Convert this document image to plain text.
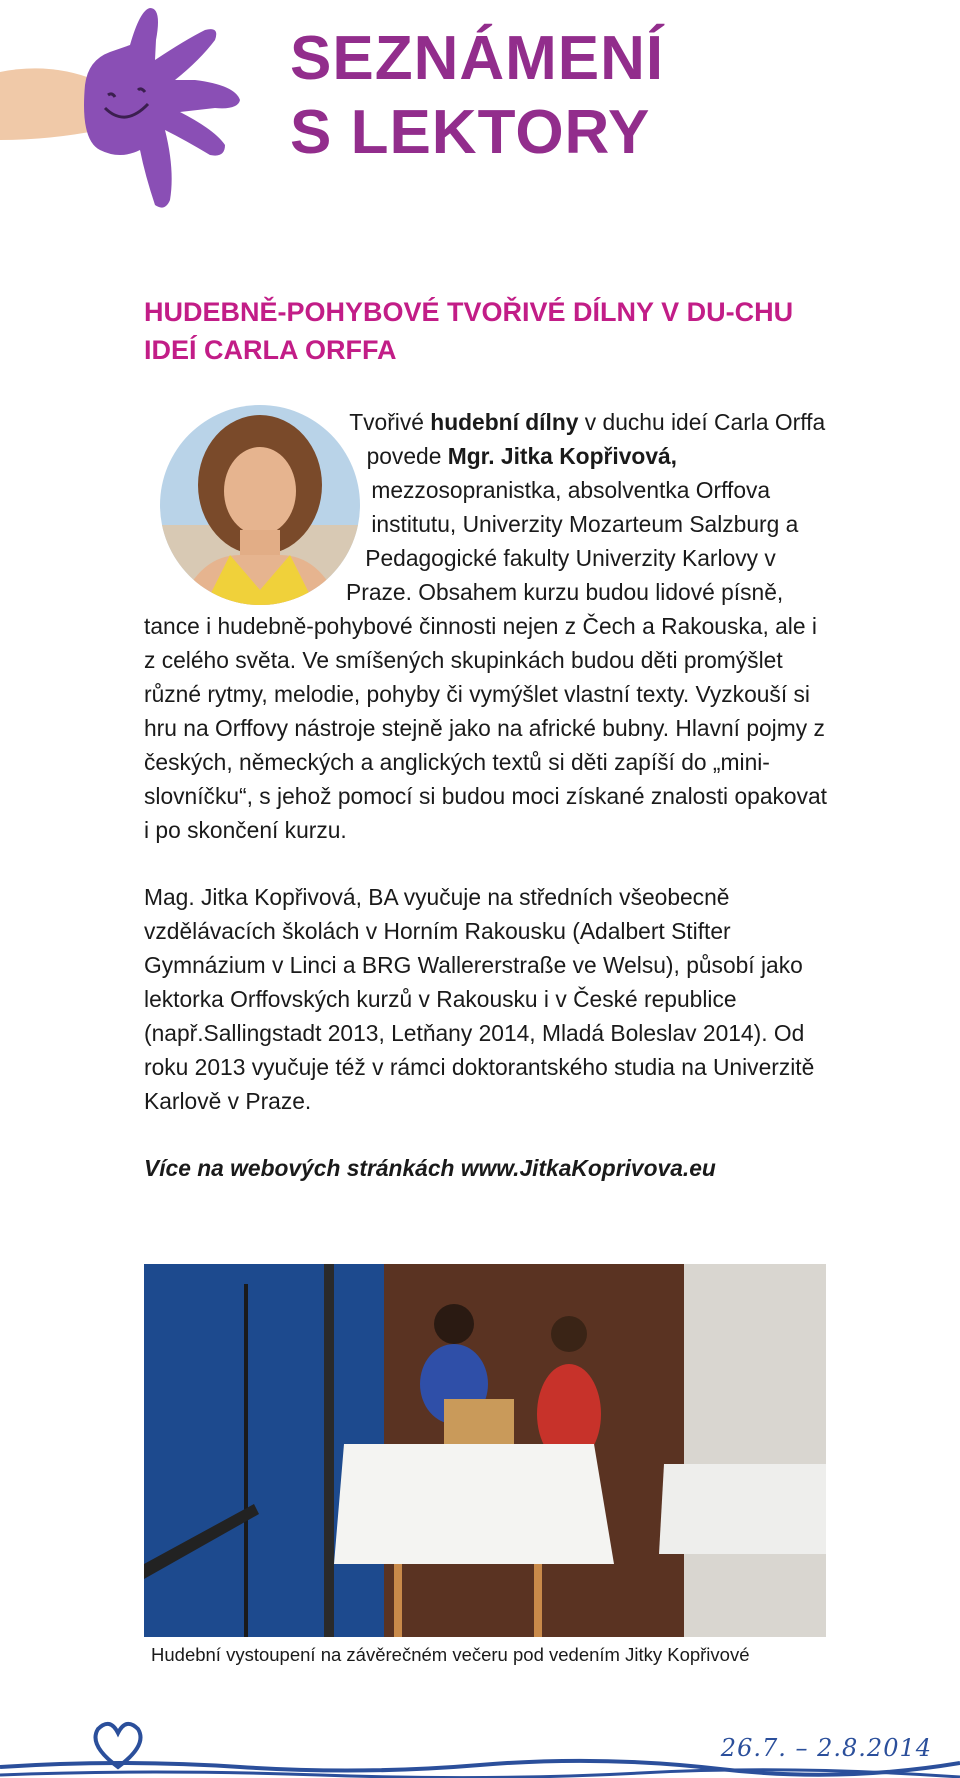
SEZNÁMENÍ
S LEKTORY
HUDEBNĚ-POHYBOVÉ TVOŘIVÉ DÍLNY V DU-CHU IDEÍ CARLA ORFFA

Tvořivé hudební dílny v duchu ideí Carla Orffa povede Mgr. Jitka Kopřivová, mezzosopranistka, absolventka Orffova institutu, Univerzity Mozarteum Salzburg a Pedagogické fakulty Univerzity Karlovy v Praze. Obsahem kurzu budou lidové písně, tance i hudebně-pohybové činnosti nejen z Čech a Rakouska, ale i z celého světa. Ve smíšených skupinkách budou děti promýšlet různé rytmy, melodie, pohyby či vymýšlet vlastní texty. Vyzkouší si hru na Orffovy nástroje stejně jako na africké bubny. Hlavní pojmy z českých, německých a anglických textů si děti zapíší do „mini-slovníčku“, s jehož pomocí si budou moci získané znalosti opakovat i po skončení kurzu.

Mag. Jitka Kopřivová, BA vyučuje na středních všeobecně vzdělávacích školách v Horním Rakousku (Adalbert Stifter Gymnázium v Linci a BRG Wallererstraße ve Welsu), působí jako lektorka Orffovských kurzů v Rakousku i v České republice (např.Sallingstadt 2013, Letňany 2014, Mladá Boleslav 2014). Od roku 2013 vyučuje též v rámci doktorantského studia na Univerzitě Karlově v Praze.

Více na webových stránkách www.JitkaKoprivova.eu

Hudební vystoupení na závěrečném večeru pod vedením Jitky Kopřivové
26.7. – 2.8.2014
